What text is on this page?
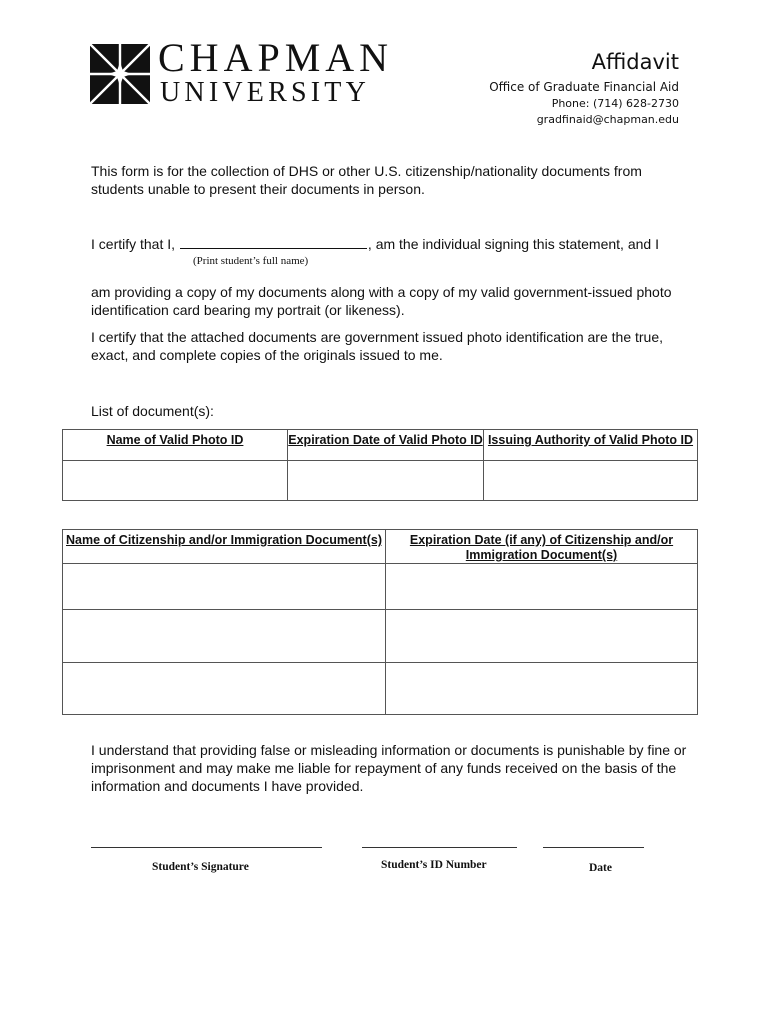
CHAPMAN
UNIVERSITY
Affidavit
Office of Graduate Financial Aid
Phone: (714) 628-2730
gradfinaid@chapman.edu
This form is for the collection of DHS or other U.S. citizenship/nationality documents from students unable to present their documents in person.
I certify that I,	, am the individual signing this statement, and I
(Print student’s full name)
am providing a copy of my documents along with a copy of my valid government-issued photo identification card bearing my portrait (or likeness).
I certify that the attached documents are government issued photo identification are the true, exact, and complete copies of the originals issued to me.
List of document(s):
Name of Valid Photo ID	Expiration Date of Valid Photo ID	Issuing Authority of Valid Photo ID

Name of Citizenship and/or Immigration Document(s)	Expiration Date (if any) of Citizenship and/or Immigration Document(s)

I understand that providing false or misleading information or documents is punishable by fine or imprisonment and may make me liable for repayment of any funds received on the basis of the information and documents I have provided.
Student’s Signature	Student’s ID Number	Date
